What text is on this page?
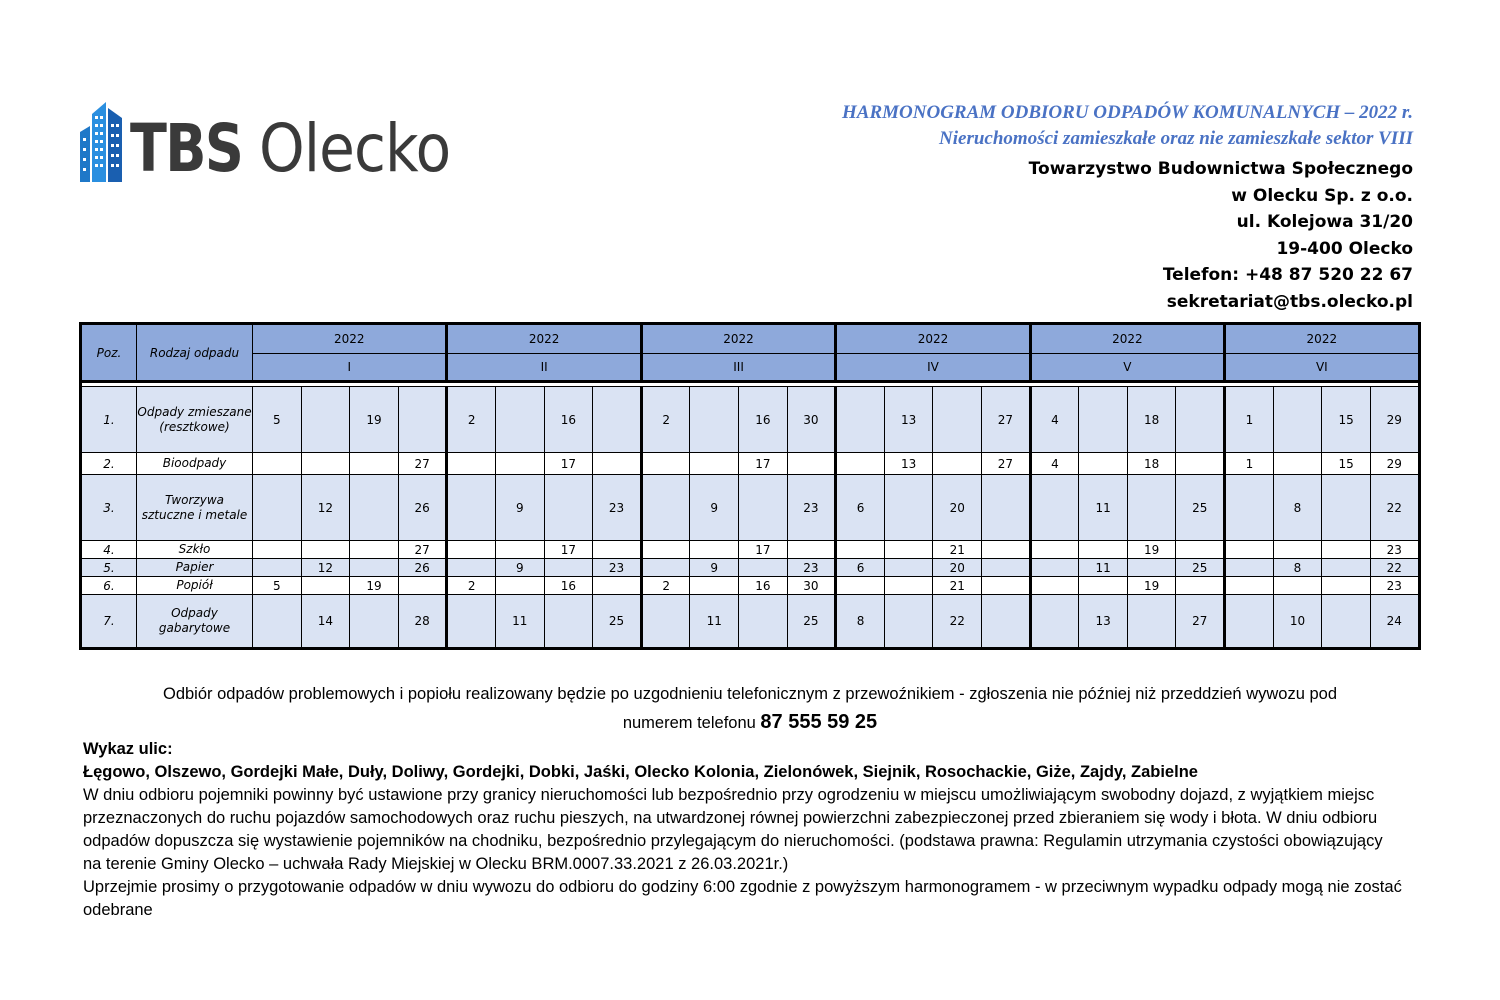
TBS Olecko	HARMONOGRAM ODBIORU ODPADÓW KOMUNALNYCH – 2022 r.
Nieruchomości zamieszkałe oraz nie zamieszkałe sektor VIII
Towarzystwo Budownictwa Społecznego
w Olecku Sp. z o.o.
ul. Kolejowa 31/20
19-400 Olecko
Telefon: +48 87 520 22 67
sekretariat@tbs.olecko.pl
Poz.	Rodzaj odpadu	2022				2022				2022				2022				2022				2022			
		I				II				III				IV				V				VI			

1.	Odpady zmieszane (resztkowe)	5		19		2		16		2		16	30		13		27	4		18		1		15	29
2.	Bioodpady				27			17				17			13		27	4		18		1		15	29
3.	Tworzywa sztuczne i metale		12		26		9		23		9		23	6		20			11		25		8		22
4.	Szkło				27			17				17				21				19					23
5.	Papier		12		26		9		23		9		23	6		20			11		25		8		22
6.	Popiół	5		19		2		16		2		16	30			21				19					23
7.	Odpady gabarytowe		14		28		11		25		11		25	8		22			13		27		10		24
Odbiór odpadów problemowych i popiołu realizowany będzie po uzgodnieniu telefonicznym z przewoźnikiem - zgłoszenia nie później niż przeddzień wywozu pod
numerem telefonu 87 555 59 25
Wykaz ulic:
Łęgowo, Olszewo, Gordejki Małe, Duły, Doliwy, Gordejki, Dobki, Jaśki, Olecko Kolonia, Zielonówek, Siejnik, Rosochackie, Giże, Zajdy, Zabielne
W dniu odbioru pojemniki powinny być ustawione przy granicy nieruchomości lub bezpośrednio przy ogrodzeniu w miejscu umożliwiającym swobodny dojazd, z wyjątkiem miejsc przeznaczonych do ruchu pojazdów samochodowych oraz ruchu pieszych, na utwardzonej równej powierzchni zabezpieczonej przed zbieraniem się wody i błota. W dniu odbioru odpadów dopuszcza się wystawienie pojemników na chodniku, bezpośrednio przylegającym do nieruchomości. (podstawa prawna: Regulamin utrzymania czystości obowiązujący na terenie Gminy Olecko – uchwała Rady Miejskiej w Olecku BRM.0007.33.2021 z 26.03.2021r.)
Uprzejmie prosimy o przygotowanie odpadów w dniu wywozu do odbioru do godziny 6:00 zgodnie z powyższym harmonogramem - w przeciwnym wypadku odpady mogą nie zostać odebrane
